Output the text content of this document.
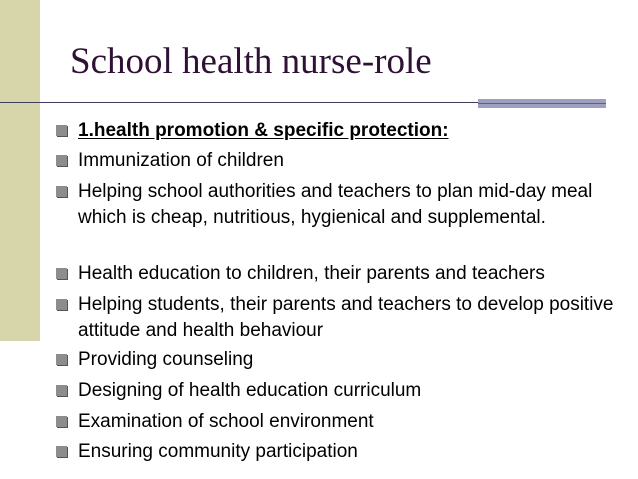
School health nurse-role
1.health promotion & specific protection:
Immunization of children
Helping school authorities and teachers to plan mid-day meal which is cheap, nutritious, hygienical and supplemental.
Health education to children, their parents and teachers
Helping students, their parents and teachers to develop positive attitude and health behaviour
Providing counseling
Designing of health education curriculum
Examination of school environment
Ensuring community participation
